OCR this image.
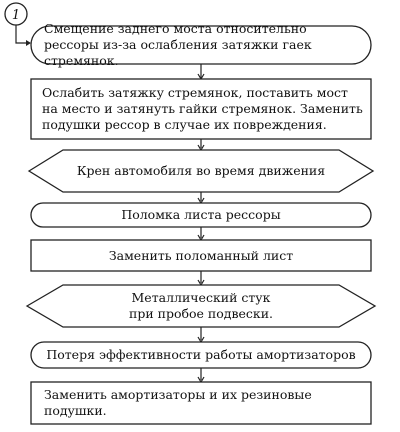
1
Смещение заднего моста относительно рессоры из-за ослабления затяжки гаек стремянок.
Ослабить затяжку стремянок, поставить мост на место и затянуть гайки стремянок. Заменить подушки рессор в случае их повреждения.
Крен автомобиля во время движения
Поломка листа рессоры
Заменить поломанный лист
Металлический стук при пробое подвески.
Потеря эффективности работы амортизаторов
Заменить амортизаторы и их резиновые подушки.
